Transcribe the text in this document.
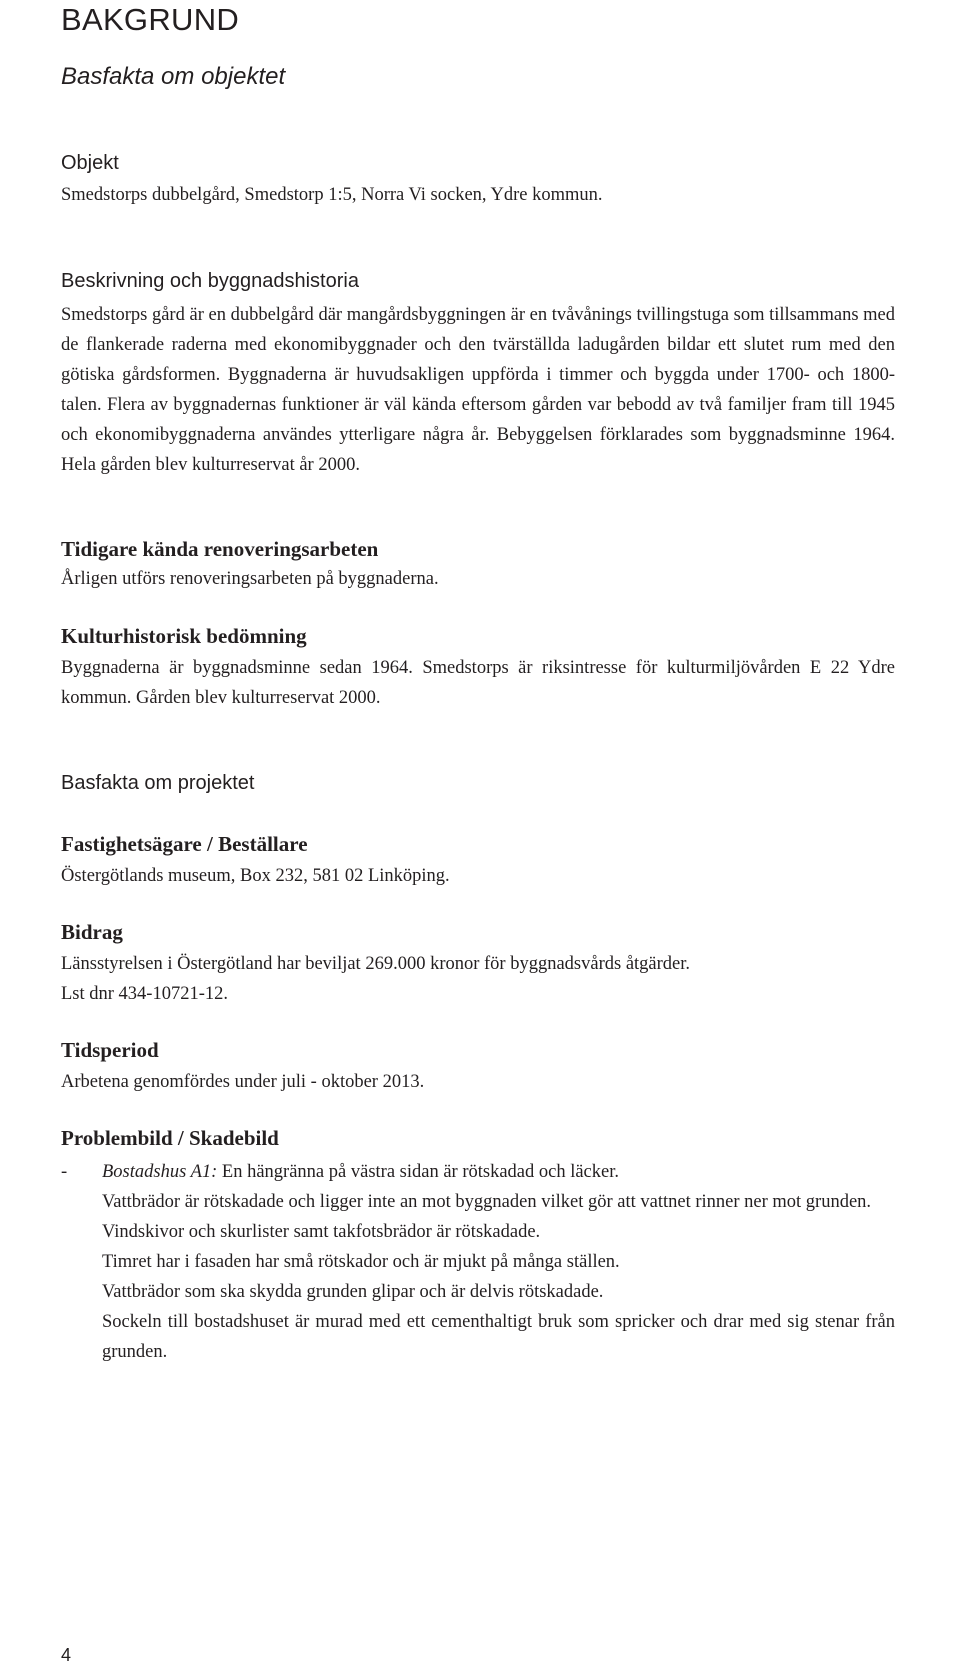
BAKGRUND
Basfakta om objektet
Objekt

Smedstorps dubbelgård, Smedstorp 1:5, Norra Vi socken, Ydre kommun.

Beskrivning och byggnadshistoria

Smedstorps gård är en dubbelgård där mangårdsbyggningen är en tvåvånings tvillingstuga som tillsammans med de flankerade raderna med ekonomibyggnader och den tvärställda ladugården bildar ett slutet rum med den götiska gårdsformen. Byggnaderna är huvudsakligen uppförda i timmer och byggda under 1700- och 1800-talen. Flera av byggnadernas funktioner är väl kända eftersom gården var bebodd av två familjer fram till 1945 och ekonomibyggnaderna användes ytterligare några år. Bebyggelsen förklarades som byggnadsminne 1964. Hela gården blev kulturreservat år 2000.

Tidigare kända renoveringsarbeten

Årligen utförs renoveringsarbeten på byggnaderna.

Kulturhistorisk bedömning

Byggnaderna är byggnadsminne sedan 1964. Smedstorps är riksintresse för kulturmiljövården E 22 Ydre kommun. Gården blev kulturreservat 2000.

Basfakta om projektet
Fastighetsägare / Beställare

Östergötlands museum, Box 232, 581 02 Linköping.

Bidrag

Länsstyrelsen i Östergötland har beviljat 269.000 kronor för byggnadsvårds åtgärder.

Lst dnr 434-10721-12.

Tidsperiod

Arbetena genomfördes under juli - oktober 2013.

Problembild / Skadebild
- Bostadshus A1: En hängränna på västra sidan är rötskadad och läcker.
Vattbrädor är rötskadade och ligger inte an mot byggnaden vilket gör att vattnet rinner ner mot grunden.
Vindskivor och skurlister samt takfotsbrädor är rötskadade.
Timret har i fasaden har små rötskador och är mjukt på många ställen.
Vattbrädor som ska skydda grunden glipar och är delvis rötskadade.
Sockeln till bostadshuset är murad med ett cementhaltigt bruk som spricker och drar med sig stenar från grunden.
4
